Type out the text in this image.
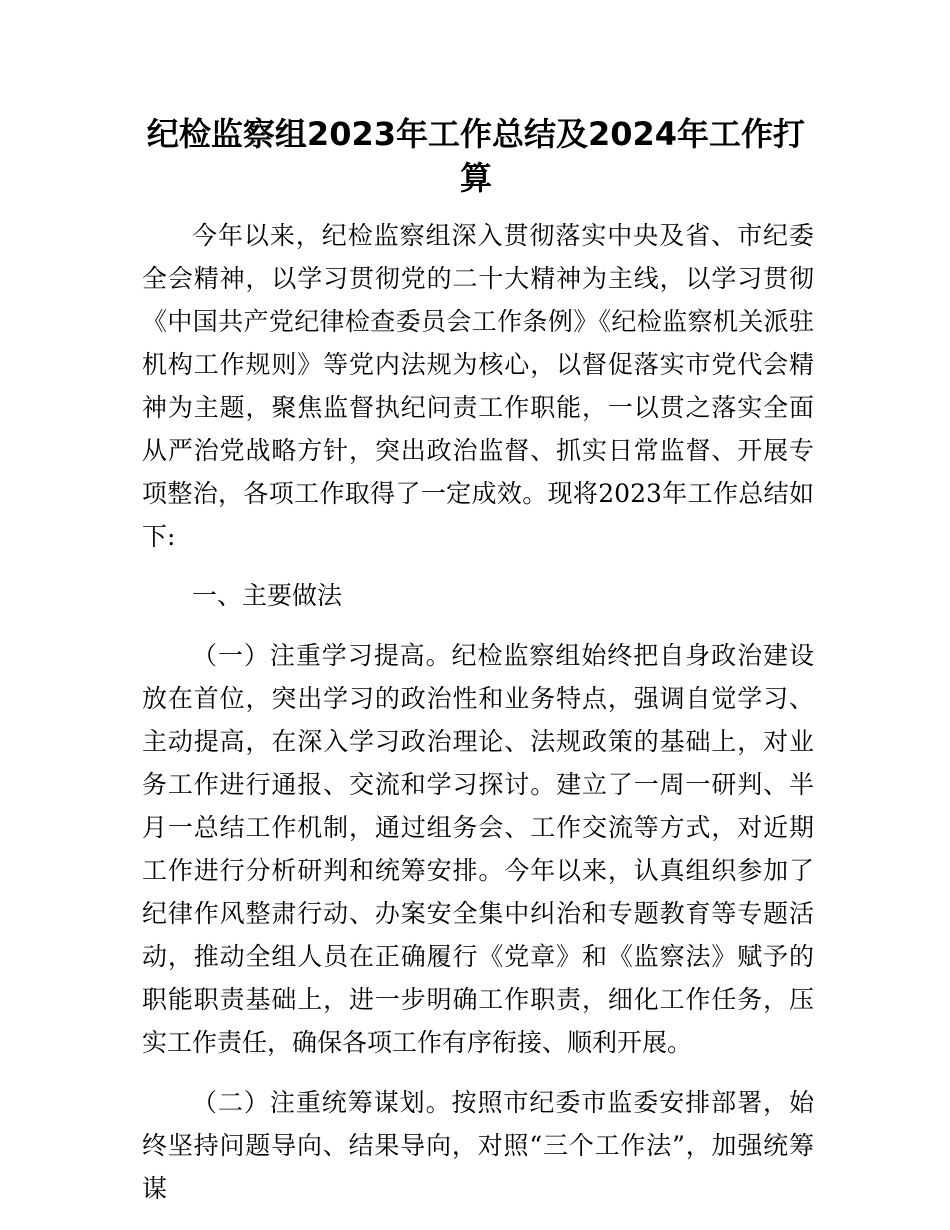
纪检监察组2023年工作总结及2024年工作打算

今年以来，纪检监察组深入贯彻落实中央及省、市纪委全会精神，以学习贯彻党的二十大精神为主线，以学习贯彻《中国共产党纪律检查委员会工作条例》《纪检监察机关派驻机构工作规则》等党内法规为核心，以督促落实市党代会精神为主题，聚焦监督执纪问责工作职能，一以贯之落实全面从严治党战略方针，突出政治监督、抓实日常监督、开展专项整治，各项工作取得了一定成效。现将2023年工作总结如下:

一、主要做法

（一）注重学习提高。纪检监察组始终把自身政治建设放在首位，突出学习的政治性和业务特点，强调自觉学习、主动提高，在深入学习政治理论、法规政策的基础上，对业务工作进行通报、交流和学习探讨。建立了一周一研判、半月一总结工作机制，通过组务会、工作交流等方式，对近期工作进行分析研判和统筹安排。今年以来，认真组织参加了纪律作风整肃行动、办案安全集中纠治和专题教育等专题活动，推动全组人员在正确履行《党章》和《监察法》赋予的职能职责基础上，进一步明确工作职责，细化工作任务，压实工作责任，确保各项工作有序衔接、顺利开展。

（二）注重统筹谋划。按照市纪委市监委安排部署，始终坚持问题导向、结果导向，对照“三个工作法”，加强统筹谋
